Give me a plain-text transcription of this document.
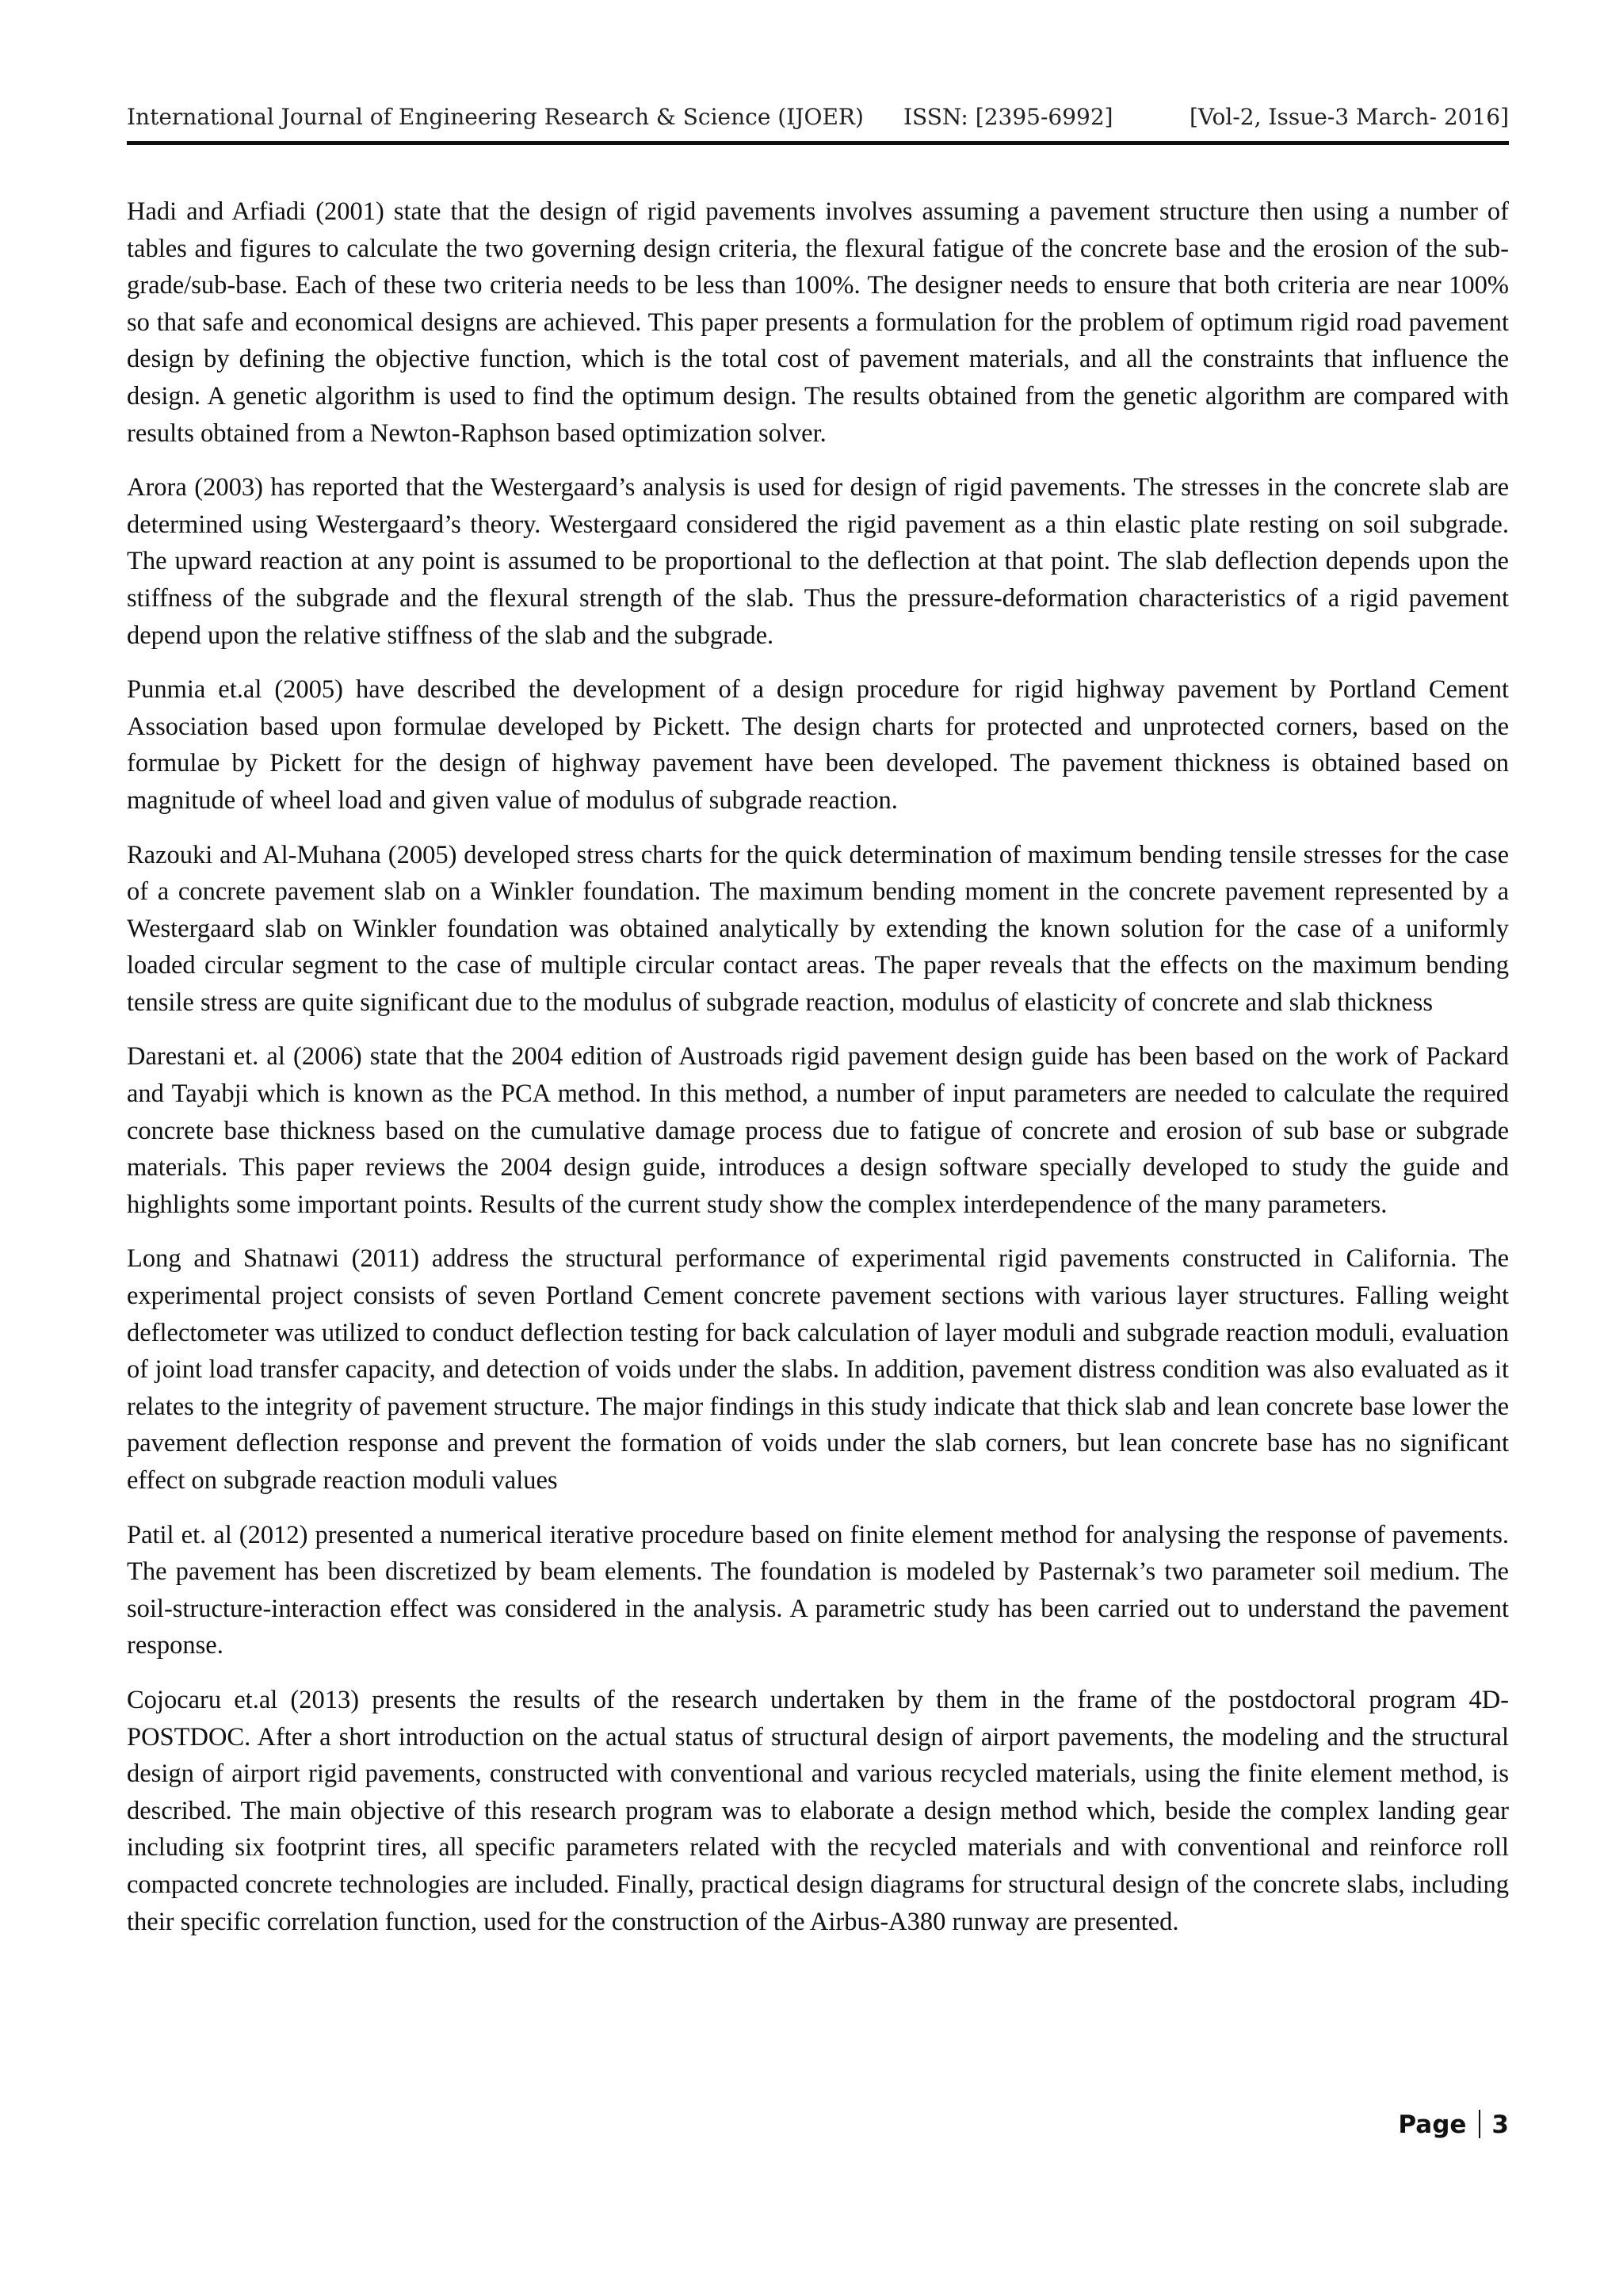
International Journal of Engineering Research & Science (IJOER) ISSN: [2395-6992]	[Vol-2, Issue-3 March- 2016]

Hadi and Arfiadi (2001) state that the design of rigid pavements involves assuming a pavement structure then using a number of tables and figures to calculate the two governing design criteria, the flexural fatigue of the concrete base and the erosion of the sub-grade/sub-base. Each of these two criteria needs to be less than 100%. The designer needs to ensure that both criteria are near 100% so that safe and economical designs are achieved. This paper presents a formulation for the problem of optimum rigid road pavement design by defining the objective function, which is the total cost of pavement materials, and all the constraints that influence the design. A genetic algorithm is used to find the optimum design. The results obtained from the genetic algorithm are compared with results obtained from a Newton-Raphson based optimization solver.

Arora (2003) has reported that the Westergaard’s analysis is used for design of rigid pavements. The stresses in the concrete slab are determined using Westergaard’s theory. Westergaard considered the rigid pavement as a thin elastic plate resting on soil subgrade. The upward reaction at any point is assumed to be proportional to the deflection at that point. The slab deflection depends upon the stiffness of the subgrade and the flexural strength of the slab. Thus the pressure-deformation characteristics of a rigid pavement depend upon the relative stiffness of the slab and the subgrade.

Punmia et.al (2005) have described the development of a design procedure for rigid highway pavement by Portland Cement Association based upon formulae developed by Pickett. The design charts for protected and unprotected corners, based on the formulae by Pickett for the design of highway pavement have been developed. The pavement thickness is obtained based on magnitude of wheel load and given value of modulus of subgrade reaction.

Razouki and Al-Muhana (2005) developed stress charts for the quick determination of maximum bending tensile stresses for the case of a concrete pavement slab on a Winkler foundation. The maximum bending moment in the concrete pavement represented by a Westergaard slab on Winkler foundation was obtained analytically by extending the known solution for the case of a uniformly loaded circular segment to the case of multiple circular contact areas. The paper reveals that the effects on the maximum bending tensile stress are quite significant due to the modulus of subgrade reaction, modulus of elasticity of concrete and slab thickness

Darestani et. al (2006) state that the 2004 edition of Austroads rigid pavement design guide has been based on the work of Packard and Tayabji which is known as the PCA method. In this method, a number of input parameters are needed to calculate the required concrete base thickness based on the cumulative damage process due to fatigue of concrete and erosion of sub base or subgrade materials. This paper reviews the 2004 design guide, introduces a design software specially developed to study the guide and highlights some important points. Results of the current study show the complex interdependence of the many parameters.

Long and Shatnawi (2011) address the structural performance of experimental rigid pavements constructed in California. The experimental project consists of seven Portland Cement concrete pavement sections with various layer structures. Falling weight deflectometer was utilized to conduct deflection testing for back calculation of layer moduli and subgrade reaction moduli, evaluation of joint load transfer capacity, and detection of voids under the slabs. In addition, pavement distress condition was also evaluated as it relates to the integrity of pavement structure. The major findings in this study indicate that thick slab and lean concrete base lower the pavement deflection response and prevent the formation of voids under the slab corners, but lean concrete base has no significant effect on subgrade reaction moduli values

Patil et. al (2012) presented a numerical iterative procedure based on finite element method for analysing the response of pavements. The pavement has been discretized by beam elements. The foundation is modeled by Pasternak’s two parameter soil medium. The soil-structure-interaction effect was considered in the analysis. A parametric study has been carried out to understand the pavement response.

Cojocaru et.al (2013) presents the results of the research undertaken by them in the frame of the postdoctoral program 4D-POSTDOC. After a short introduction on the actual status of structural design of airport pavements, the modeling and the structural design of airport rigid pavements, constructed with conventional and various recycled materials, using the finite element method, is described. The main objective of this research program was to elaborate a design method which, beside the complex landing gear including six footprint tires, all specific parameters related with the recycled materials and with conventional and reinforce roll compacted concrete technologies are included. Finally, practical design diagrams for structural design of the concrete slabs, including their specific correlation function, used for the construction of the Airbus-A380 runway are presented.

Page 3
